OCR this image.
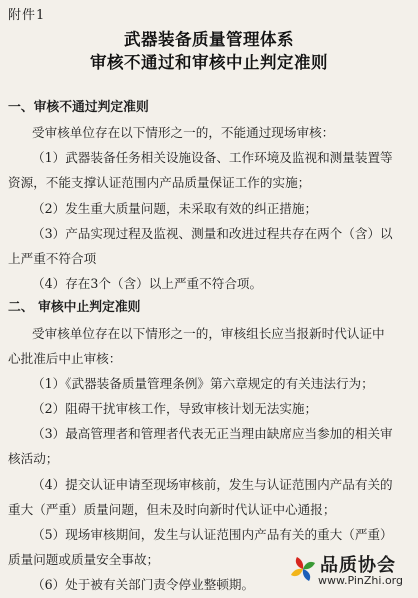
附件1
武器装备质量管理体系
审核不通过和审核中止判定准则
一、审核不通过判定准则
受审核单位存在以下情形之一的，不能通过现场审核：
（1）武器装备任务相关设施设备、工作环境及监视和测量装置等
资源，不能支撑认证范围内产品质量保证工作的实施；
（2）发生重大质量问题，未采取有效的纠正措施；
（3）产品实现过程及监视、测量和改进过程共存在两个（含）以
上严重不符合项
（4）存在3个（含）以上严重不符合项。
二、 审核中止判定准则
受审核单位存在以下情形之一的，审核组长应当报新时代认证中
心批准后中止审核：
（1）《武器装备质量管理条例》第六章规定的有关违法行为；
（2）阻碍干扰审核工作，导致审核计划无法实施；
（3）最高管理者和管理者代表无正当理由缺席应当参加的相关审
核活动；
（4）提交认证申请至现场审核前，发生与认证范围内产品有关的
重大（严重）质量问题，但未及时向新时代认证中心通报；
（5）现场审核期间，发生与认证范围内产品有关的重大（严重）
质量问题或质量安全事故；
（6）处于被有关部门责令停业整顿期。
品质协会
www.PinZhi.org
